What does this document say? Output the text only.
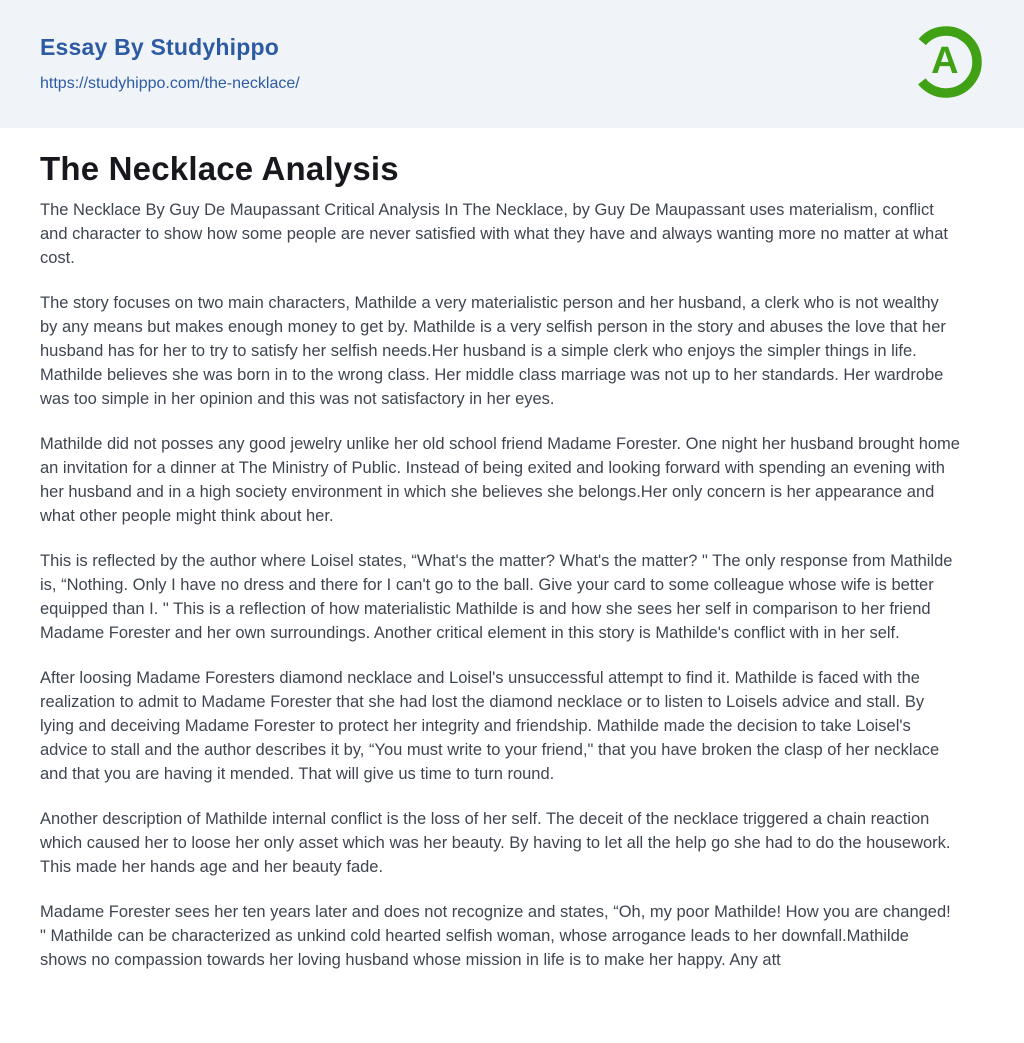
Essay By Studyhippo
https://studyhippo.com/the-necklace/
A
The Necklace Analysis

The Necklace By Guy De Maupassant Critical Analysis In The Necklace, by Guy De Maupassant uses materialism, conflict and character to show how some people are never satisfied with what they have and always wanting more no matter at what cost.

The story focuses on two main characters, Mathilde a very materialistic person and her husband, a clerk who is not wealthy by any means but makes enough money to get by. Mathilde is a very selfish person in the story and abuses the love that her husband has for her to try to satisfy her selfish needs.Her husband is a simple clerk who enjoys the simpler things in life. Mathilde believes she was born in to the wrong class. Her middle class marriage was not up to her standards. Her wardrobe was too simple in her opinion and this was not satisfactory in her eyes.

Mathilde did not posses any good jewelry unlike her old school friend Madame Forester. One night her husband brought home an invitation for a dinner at The Ministry of Public. Instead of being exited and looking forward with spending an evening with her husband and in a high society environment in which she believes she belongs.Her only concern is her appearance and what other people might think about her.

This is reflected by the author where Loisel states, “What's the matter? What's the matter? " The only response from Mathilde is, “Nothing. Only I have no dress and there for I can't go to the ball. Give your card to some colleague whose wife is better equipped than I. " This is a reflection of how materialistic Mathilde is and how she sees her self in comparison to her friend Madame Forester and her own surroundings. Another critical element in this story is Mathilde's conflict with in her self.

After loosing Madame Foresters diamond necklace and Loisel's unsuccessful attempt to find it. Mathilde is faced with the realization to admit to Madame Forester that she had lost the diamond necklace or to listen to Loisels advice and stall. By lying and deceiving Madame Forester to protect her integrity and friendship. Mathilde made the decision to take Loisel's advice to stall and the author describes it by, “You must write to your friend," that you have broken the clasp of her necklace and that you are having it mended. That will give us time to turn round.

Another description of Mathilde internal conflict is the loss of her self. The deceit of the necklace triggered a chain reaction which caused her to loose her only asset which was her beauty. By having to let all the help go she had to do the housework. This made her hands age and her beauty fade.

Madame Forester sees her ten years later and does not recognize and states, “Oh, my poor Mathilde! How you are changed! " Mathilde can be characterized as unkind cold hearted selfish woman, whose arrogance leads to her downfall.Mathilde shows no compassion towards her loving husband whose mission in life is to make her happy. Any att
